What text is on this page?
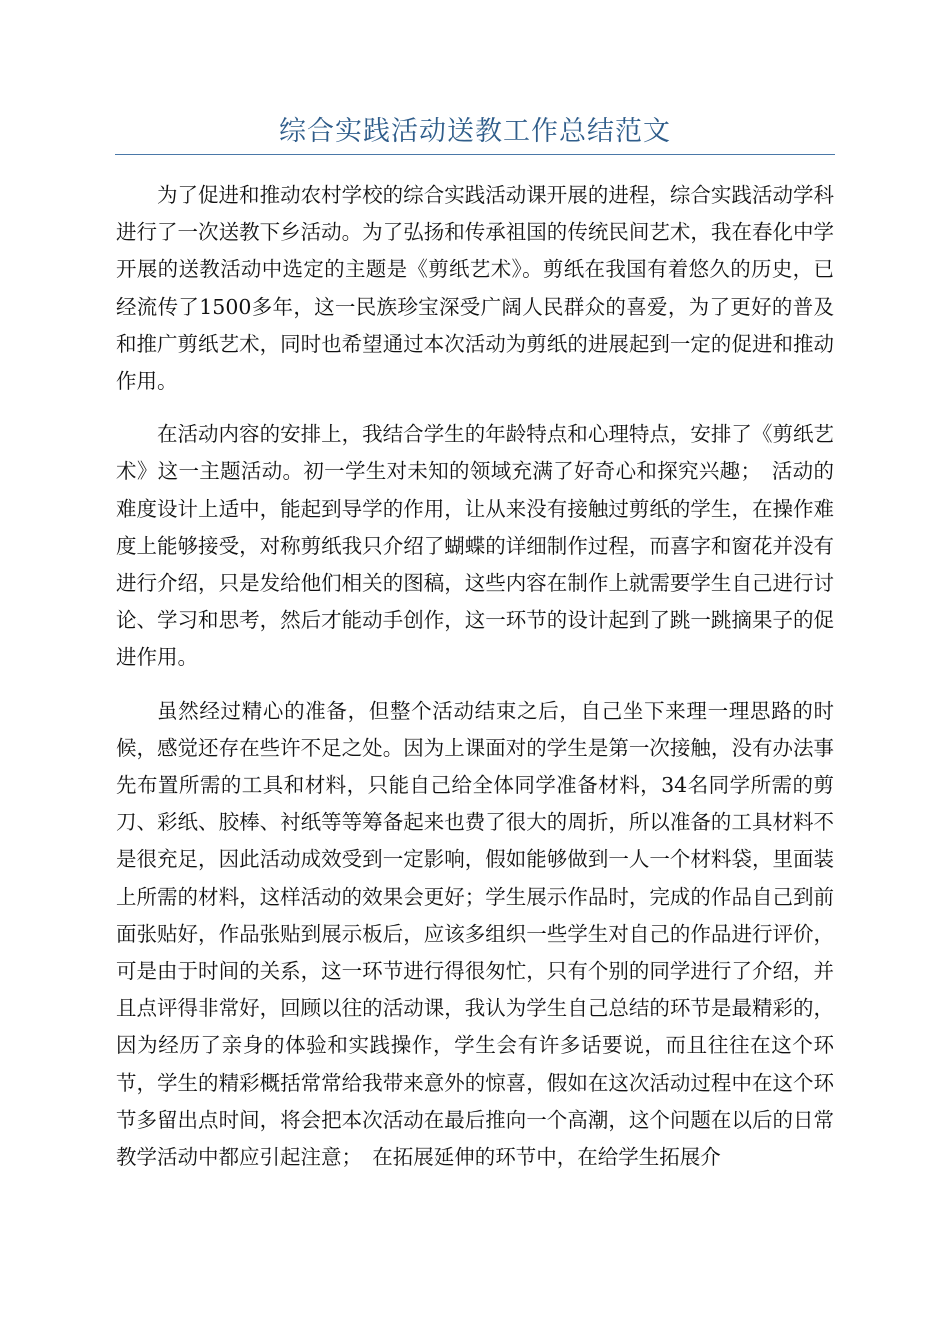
综合实践活动送教工作总结范文

为了促进和推动农村学校的综合实践活动课开展的进程，综合实践活动学科进行了一次送教下乡活动。为了弘扬和传承祖国的传统民间艺术，我在春化中学开展的送教活动中选定的主题是《剪纸艺术》。剪纸在我国有着悠久的历史，已经流传了1500多年，这一民族珍宝深受广阔人民群众的喜爱，为了更好的普及和推广剪纸艺术，同时也希望通过本次活动为剪纸的进展起到一定的促进和推动作用。

在活动内容的安排上，我结合学生的年龄特点和心理特点，安排了《剪纸艺术》这一主题活动。初一学生对未知的领域充满了好奇心和探究兴趣；　活动的难度设计上适中，能起到导学的作用，让从来没有接触过剪纸的学生，在操作难度上能够接受，对称剪纸我只介绍了蝴蝶的详细制作过程，而喜字和窗花并没有进行介绍，只是发给他们相关的图稿，这些内容在制作上就需要学生自己进行讨论、学习和思考，然后才能动手创作，这一环节的设计起到了跳一跳摘果子的促进作用。

虽然经过精心的准备，但整个活动结束之后，自己坐下来理一理思路的时候，感觉还存在些许不足之处。因为上课面对的学生是第一次接触，没有办法事先布置所需的工具和材料，只能自己给全体同学准备材料，34名同学所需的剪刀、彩纸、胶棒、衬纸等等筹备起来也费了很大的周折，所以准备的工具材料不是很充足，因此活动成效受到一定影响，假如能够做到一人一个材料袋，里面装上所需的材料，这样活动的效果会更好；学生展示作品时，完成的作品自己到前面张贴好，作品张贴到展示板后，应该多组织一些学生对自己的作品进行评价，可是由于时间的关系，这一环节进行得很匆忙，只有个别的同学进行了介绍，并且点评得非常好，回顾以往的活动课，我认为学生自己总结的环节是最精彩的，因为经历了亲身的体验和实践操作，学生会有许多话要说，而且往往在这个环节，学生的精彩概括常常给我带来意外的惊喜，假如在这次活动过程中在这个环节多留出点时间，将会把本次活动在最后推向一个高潮，这个问题在以后的日常教学活动中都应引起注意；　在拓展延伸的环节中，在给学生拓展介
